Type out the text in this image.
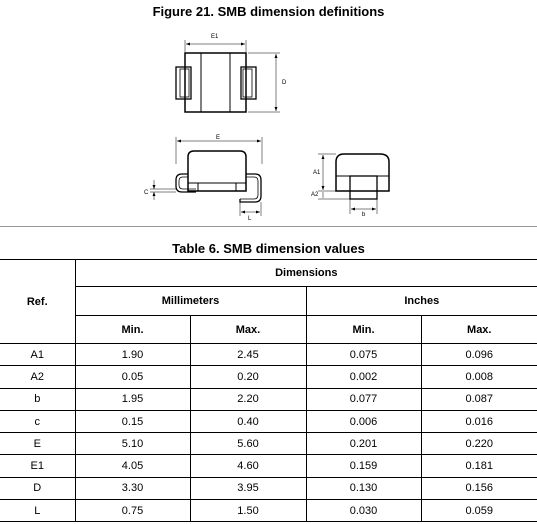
Figure 21. SMB dimension definitions
E1
D
E
C
L
A1
A2
b
Table 6. SMB dimension values
Ref.	Dimensions			
	Millimeters		Inches	
	Min.	Max.	Min.	Max.
A1	1.90	2.45	0.075	0.096
A2	0.05	0.20	0.002	0.008
b	1.95	2.20	0.077	0.087
c	0.15	0.40	0.006	0.016
E	5.10	5.60	0.201	0.220
E1	4.05	4.60	0.159	0.181
D	3.30	3.95	0.130	0.156
L	0.75	1.50	0.030	0.059
